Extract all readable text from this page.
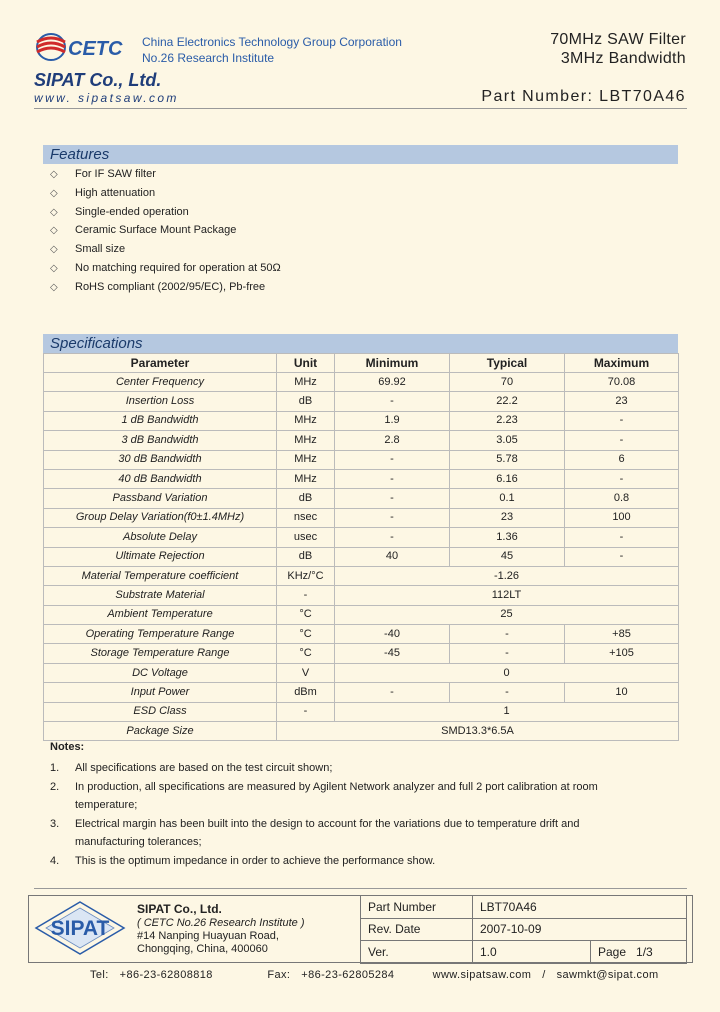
CETC China Electronics Technology Group Corporation
No.26 Research Institute
70MHz SAW Filter
3MHz Bandwidth
SIPAT Co., Ltd.
www. sipatsaw.com	Part Number: LBT70A46
Features
◇ For IF SAW filter
◇ High attenuation
◇ Single-ended operation
◇ Ceramic Surface Mount Package
◇ Small size
◇ No matching required for operation at 50Ω
◇ RoHS compliant (2002/95/EC), Pb-free
Specifications
Parameter	Unit	Minimum	Typical	Maximum
Center Frequency	MHz	69.92	70	70.08
Insertion Loss	dB	-	22.2	23
1 dB Bandwidth	MHz	1.9	2.23	-
3 dB Bandwidth	MHz	2.8	3.05	-
30 dB Bandwidth	MHz	-	5.78	6
40 dB Bandwidth	MHz	-	6.16	-
Passband Variation	dB	-	0.1	0.8
Group Delay Variation(f0±1.4MHz)	nsec	-	23	100
Absolute Delay	usec	-	1.36	-
Ultimate Rejection	dB	40	45	-
Material Temperature coefficient	KHz/°C	-1.26		
Substrate Material	-	112LT		
Ambient Temperature	°C	25		
Operating Temperature Range	°C	-40	-	+85
Storage Temperature Range	°C	-45	-	+105
DC Voltage	V	0		
Input Power	dBm	-	-	10
ESD Class	-	1		
Package Size	SMD13.3*6.5A			
Notes:
1. All specifications are based on the test circuit shown;
2. In production, all specifications are measured by Agilent Network analyzer and full 2 port calibration at room
temperature;
3. Electrical margin has been built into the design to account for the variations due to temperature drift and
manufacturing tolerances;
4. This is the optimum impedance in order to achieve the performance show.
SIPAT
SIPAT Co., Ltd.
( CETC No.26 Research Institute )
#14 Nanping Huayuan Road,
Chongqing, China, 400060
Part Number	LBT70A46	
Rev. Date	2007-10-09	
Ver.	1.0	Page 1/3
Tel:  +86-23-62808818          Fax:  +86-23-62805284       www.sipatsaw.com  /  sawmkt@sipat.com
